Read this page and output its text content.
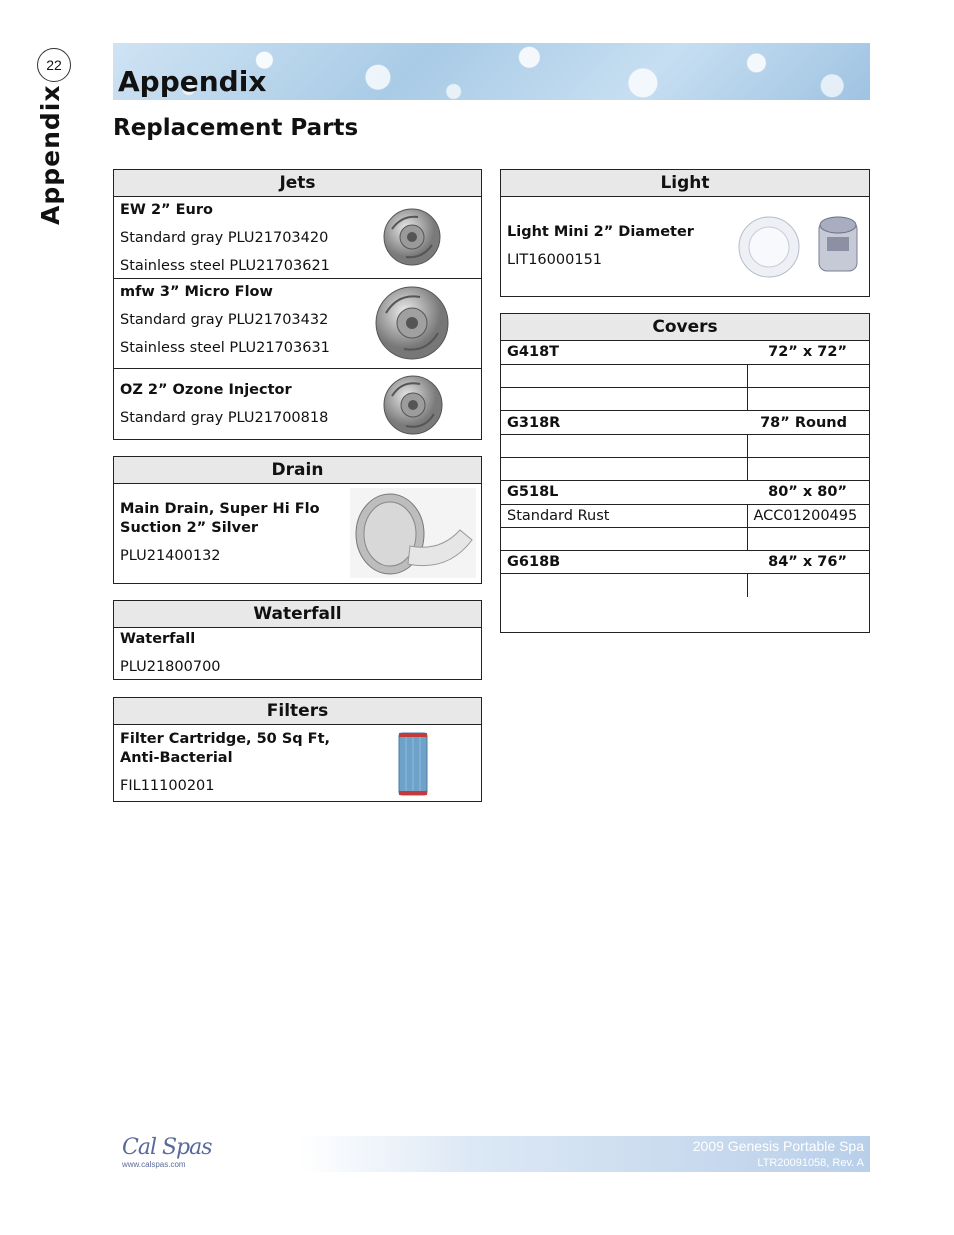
22
Appendix
Appendix
Replacement Parts
Jets
EW 2” Euro
Standard gray PLU21703420
Stainless steel PLU21703621
mfw 3” Micro Flow
Standard gray PLU21703432
Stainless steel PLU21703631
OZ 2” Ozone Injector
Standard gray PLU21700818
Drain
Main Drain, Super Hi Flo
Suction 2” Silver
PLU21400132
Waterfall
Waterfall
PLU21800700
Filters
Filter Cartridge, 50 Sq Ft,
Anti-Bacterial
FIL11100201
Light
Light Mini 2” Diameter
LIT16000151
Covers
G418T	72” x 72”

G318R	78” Round

G518L	80” x 80”
Standard Rust	ACC01200495

G618B	84” x 76”

Cal Spas
www.calspas.com
2009 Genesis Portable Spa
LTR20091058, Rev. A
